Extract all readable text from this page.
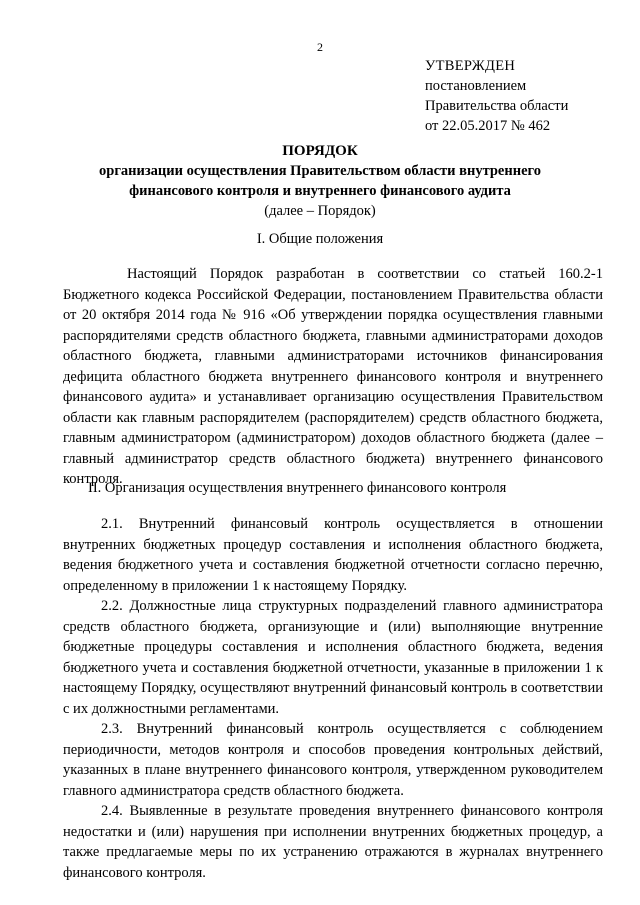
2
УТВЕРЖДЕН
постановлением
Правительства области
от 22.05.2017 № 462
ПОРЯДОК
организации осуществления Правительством области внутреннего
финансового контроля и внутреннего финансового аудита
(далее – Порядок)
I. Общие положения

Настоящий Порядок разработан в соответствии со статьей 160.2-1 Бюджетного кодекса Российской Федерации, постановлением Правительства области от 20 октября 2014 года № 916 «Об утверждении порядка осуществления главными распорядителями средств областного бюджета, главными администраторами доходов областного бюджета, главными администраторами источников финансирования дефицита областного бюджета внутреннего финансового контроля и внутреннего финансового аудита» и устанавливает организацию осуществления Правительством области как главным распорядителем (распорядителем) средств областного бюджета, главным администратором (администратором) доходов областного бюджета (далее – главный администратор средств областного бюджета) внутреннего финансового контроля.

II. Организация осуществления внутреннего финансового контроля

2.1. Внутренний финансовый контроль осуществляется в отношении внутренних бюджетных процедур составления и исполнения областного бюджета, ведения бюджетного учета и составления бюджетной отчетности согласно перечню, определенному в приложении 1 к настоящему Порядку.

2.2. Должностные лица структурных подразделений главного администратора средств областного бюджета, организующие и (или) выполняющие внутренние бюджетные процедуры составления и исполнения областного бюджета, ведения бюджетного учета и составления бюджетной отчетности, указанные в приложении 1 к настоящему Порядку, осуществляют внутренний финансовый контроль в соответствии с их должностными регламентами.

2.3. Внутренний финансовый контроль осуществляется с соблюдением периодичности, методов контроля и способов проведения контрольных действий, указанных в плане внутреннего финансового контроля, утвержденном руководителем главного администратора средств областного бюджета.

2.4. Выявленные в результате проведения внутреннего финансового контроля недостатки и (или) нарушения при исполнении внутренних бюджетных процедур, а также предлагаемые меры по их устранению отражаются в журналах внутреннего финансового контроля.
